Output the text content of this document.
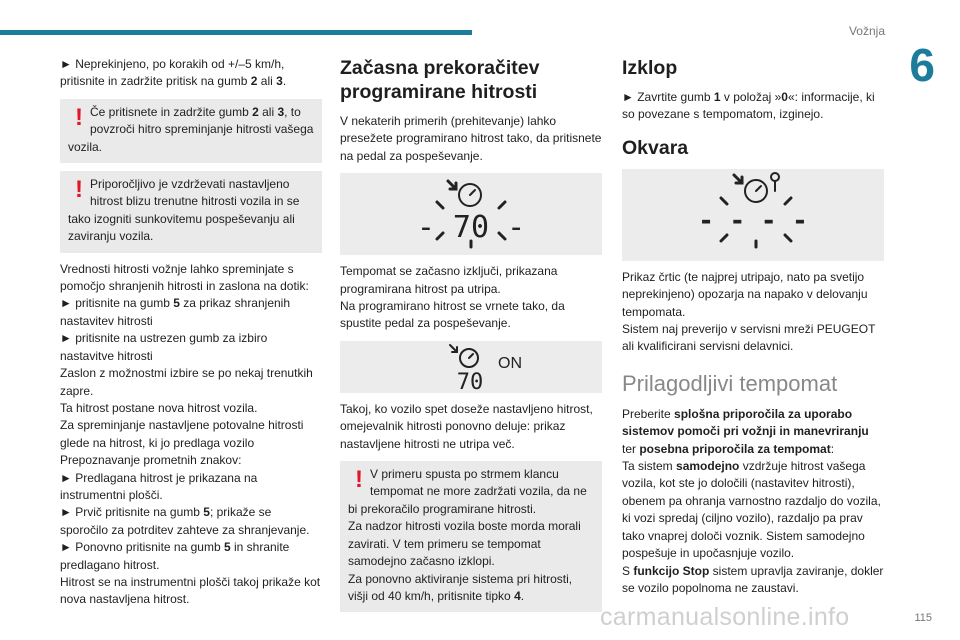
Vožnja
6

► Neprekinjeno, po korakih od +/–5 km/h, pritisnite in zadržite pritisk na gumb 2 ali 3.

! Če pritisnete in zadržite gumb 2 ali 3, to povzroči hitro spreminjanje hitrosti vašega vozila.
! Priporočljivo je vzdrževati nastavljeno hitrost blizu trenutne hitrosti vozila in se tako izogniti sunkovitemu pospeševanju ali zaviranju vozila.

Vrednosti hitrosti vožnje lahko spreminjate s pomočjo shranjenih hitrosti in zaslona na dotik:
► pritisnite na gumb 5 za prikaz shranjenih nastavitev hitrosti
► pritisnite na ustrezen gumb za izbiro nastavitve hitrosti
Zaslon z možnostmi izbire se po nekaj trenutkih zapre.
Ta hitrost postane nova hitrost vozila.
Za spreminjanje nastavljene potovalne hitrosti glede na hitrost, ki jo predlaga vozilo Prepoznavanje prometnih znakov:
► Predlagana hitrost je prikazana na instrumentni plošči.
► Prvič pritisnite na gumb 5; prikaže se sporočilo za potrditev zahteve za shranjevanje.
► Ponovno pritisnite na gumb 5 in shranite predlagano hitrost.
Hitrost se na instrumentni plošči takoj prikaže kot nova nastavljena hitrost.

Začasna prekoračitev programirane hitrosti

V nekaterih primerih (prehitevanje) lahko presežete programirano hitrost tako, da pritisnete na pedal za pospeševanje.

- 70 -

Tempomat se začasno izključi, prikazana programirana hitrost pa utripa.
Na programirano hitrost se vrnete tako, da spustite pedal za pospeševanje.

ON
70

Takoj, ko vozilo spet doseže nastavljeno hitrost, omejevalnik hitrosti ponovno deluje: prikaz nastavljene hitrosti ne utripa več.

! V primeru spusta po strmem klancu tempomat ne more zadržati vozila, da ne bi prekoračilo programirane hitrosti.
Za nadzor hitrosti vozila boste morda morali zavirati. V tem primeru se tempomat samodejno začasno izklopi.
Za ponovno aktiviranje sistema pri hitrosti, višji od 40 km/h, pritisnite tipko 4.
Izklop

► Zavrtite gumb 1 v položaj »0«: informacije, ki so povezane s tempomatom, izginejo.

Okvara
- - - -

Prikaz črtic (te najprej utripajo, nato pa svetijo neprekinjeno) opozarja na napako v delovanju tempomata.
Sistem naj preverijo v servisni mreži PEUGEOT ali kvalificirani servisni delavnici.

Prilagodljivi tempomat

Preberite splošna priporočila za uporabo sistemov pomoči pri vožnji in manevriranju ter posebna priporočila za tempomat:
Ta sistem samodejno vzdržuje hitrost vašega vozila, kot ste jo določili (nastavitev hitrosti), obenem pa ohranja varnostno razdaljo do vozila, ki vozi spredaj (ciljno vozilo), razdaljo pa prav tako vnaprej določi voznik. Sistem samodejno pospešuje in upočasnjuje vozilo.
S funkcijo Stop sistem upravlja zaviranje, dokler se vozilo popolnoma ne zaustavi.

115
carmanualsonline.info
